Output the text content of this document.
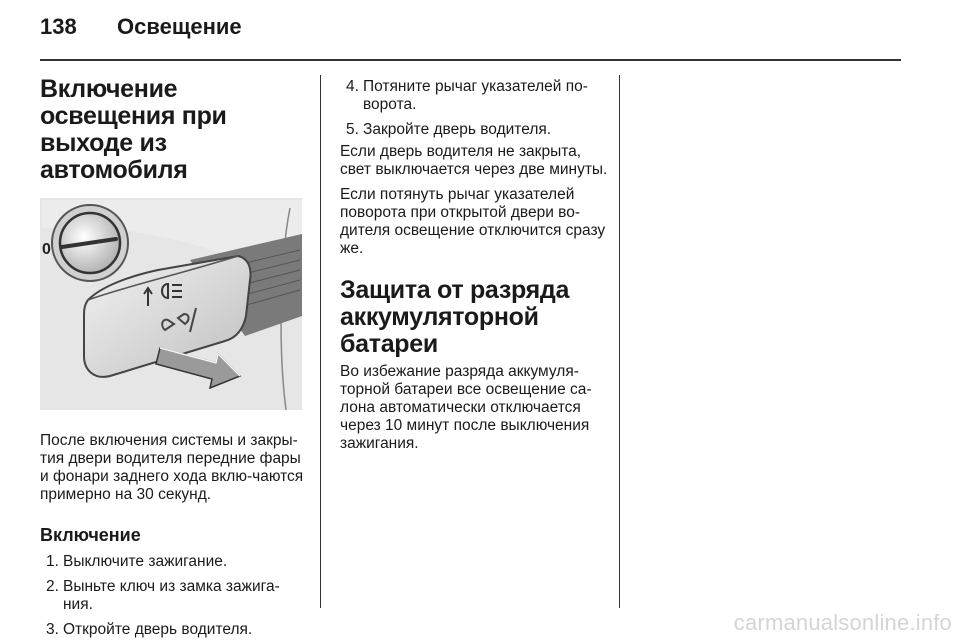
138 Освещение
Включение освещения при выходе из автомобиля
0

После включения системы и закры-тия двери водителя передние фары и фонари заднего хода вклю-чаются примерно на 30 секунд.

Включение
1. Выключите зажигание.
2. Выньте ключ из замка зажига-ния.
3. Откройте дверь водителя.
4. Потяните рычаг указателей по-ворота.
5. Закройте дверь водителя.

Если дверь водителя не закрыта, свет выключается через две минуты.

Если потянуть рычаг указателей поворота при открытой двери во-дителя освещение отключится сразу же.

Защита от разряда аккумуляторной батареи

Во избежание разряда аккумуля-торной батареи все освещение са-лона автоматически отключается через 10 минут после выключения зажигания.

carmanualsonline.info
